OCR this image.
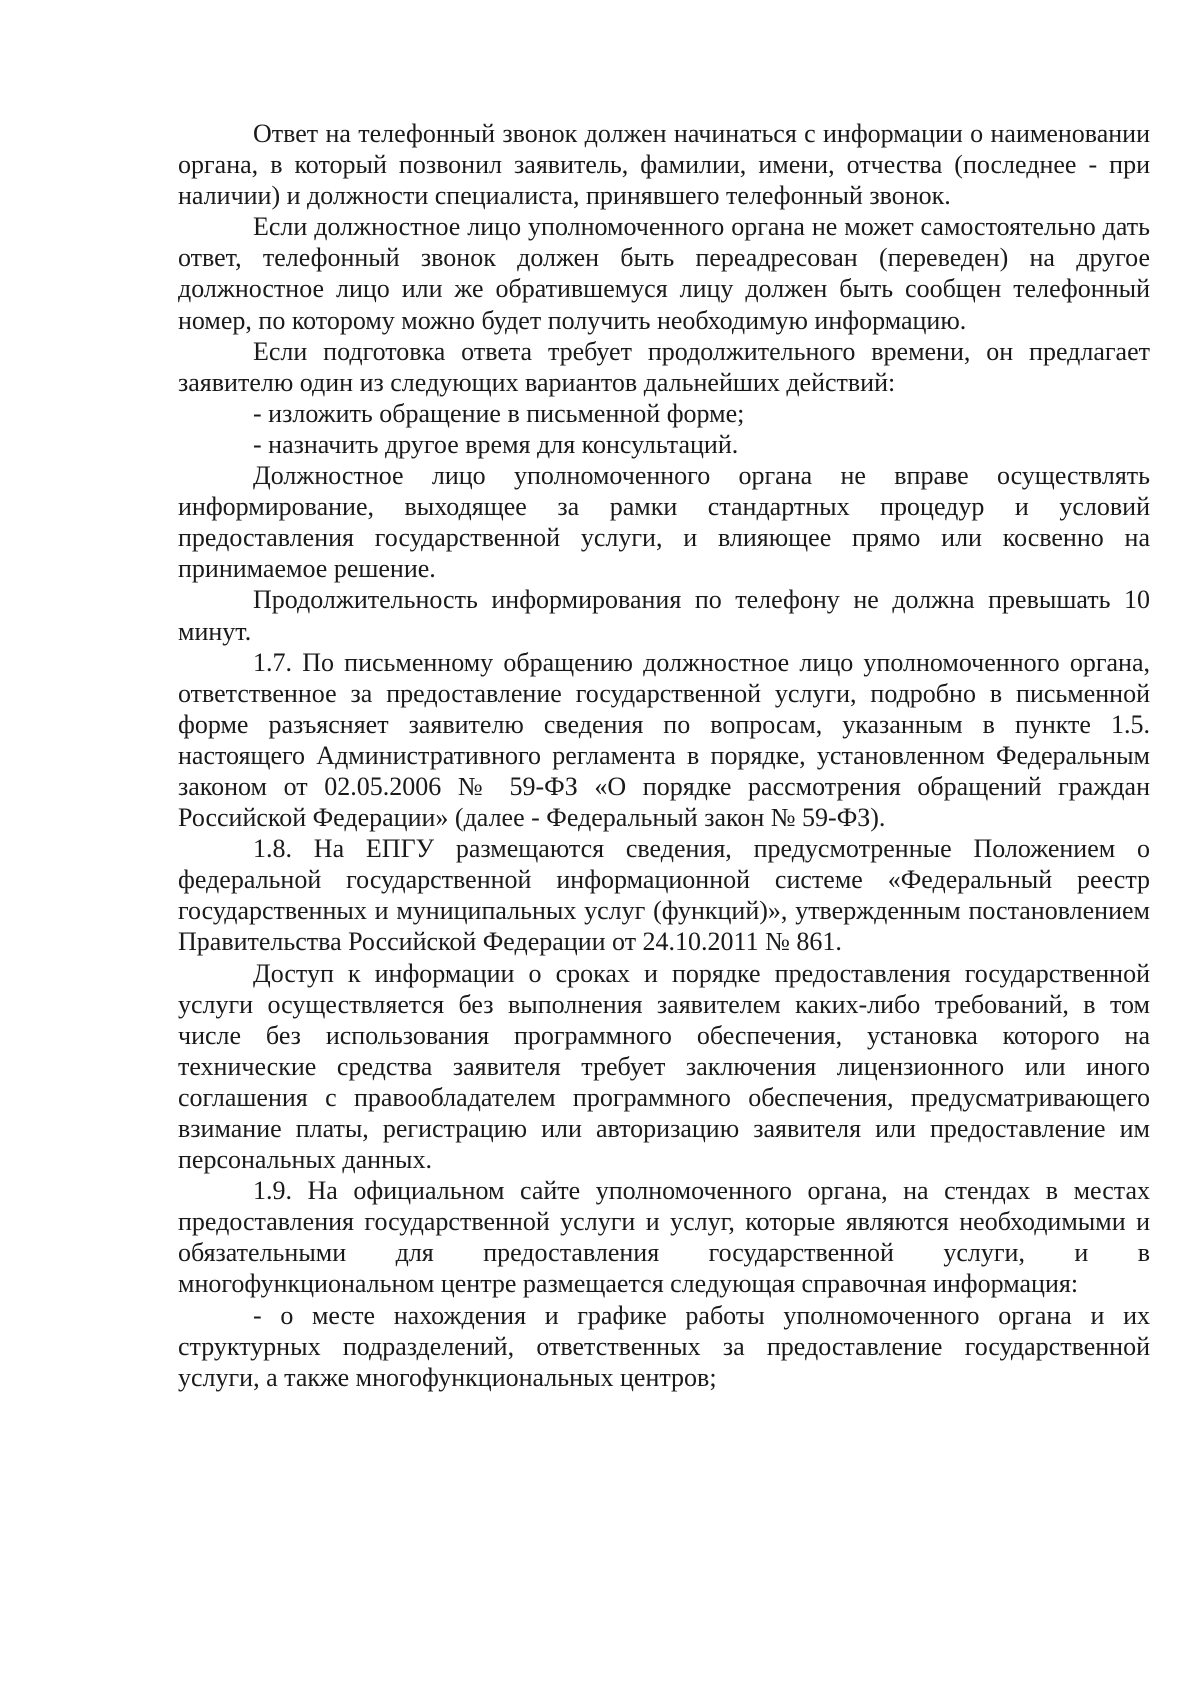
Ответ на телефонный звонок должен начинаться с информации о наименовании органа, в который позвонил заявитель, фамилии, имени, отчества (последнее - при наличии) и должности специалиста, принявшего телефонный звонок.

Если должностное лицо уполномоченного органа не может самостоятельно дать ответ, телефонный звонок должен быть переадресован (переведен) на другое должностное лицо или же обратившемуся лицу должен быть сообщен телефонный номер, по которому можно будет получить необходимую информацию.

Если подготовка ответа требует продолжительного времени, он предлагает заявителю один из следующих вариантов дальнейших действий:

- изложить обращение в письменной форме;

- назначить другое время для консультаций.

Должностное лицо уполномоченного органа не вправе осуществлять информирование, выходящее за рамки стандартных процедур и условий предоставления государственной услуги, и влияющее прямо или косвенно на принимаемое решение.

Продолжительность информирования по телефону не должна превышать 10 минут.

1.7. По письменному обращению должностное лицо уполномоченного органа, ответственное за предоставление государственной услуги, подробно в письменной форме разъясняет заявителю сведения по вопросам, указанным в пункте 1.5. настоящего Административного регламента в порядке, установленном Федеральным законом от 02.05.2006 № 59-ФЗ «О порядке рассмотрения обращений граждан Российской Федерации» (далее - Федеральный закон № 59-ФЗ).

1.8. На ЕПГУ размещаются сведения, предусмотренные Положением о федеральной государственной информационной системе «Федеральный реестр государственных и муниципальных услуг (функций)», утвержденным постановлением Правительства Российской Федерации от 24.10.2011 № 861.

Доступ к информации о сроках и порядке предоставления государственной услуги осуществляется без выполнения заявителем каких-либо требований, в том числе без использования программного обеспечения, установка которого на технические средства заявителя требует заключения лицензионного или иного соглашения с правообладателем программного обеспечения, предусматривающего взимание платы, регистрацию или авторизацию заявителя или предоставление им персональных данных.

1.9. На официальном сайте уполномоченного органа, на стендах в местах предоставления государственной услуги и услуг, которые являются необходимыми и обязательными для предоставления государственной услуги, и в многофункциональном центре размещается следующая справочная информация:

- о месте нахождения и графике работы уполномоченного органа и их структурных подразделений, ответственных за предоставление государственной услуги, а также многофункциональных центров;
